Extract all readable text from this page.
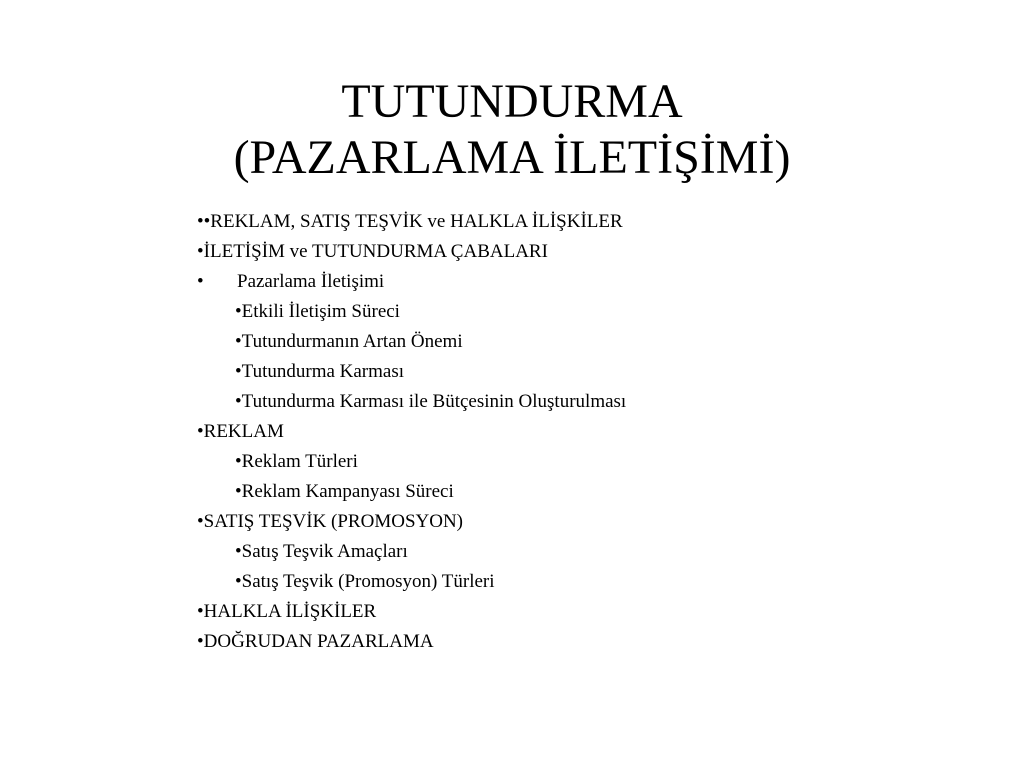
TUTUNDURMA
(PAZARLAMA İLETİŞİMİ)
••REKLAM, SATIŞ TEŞVİK ve HALKLA İLİŞKİLER
•İLETİŞİM ve TUTUNDURMA ÇABALARI
• Pazarlama İletişimi
•Etkili İletişim Süreci
•Tutundurmanın Artan Önemi
•Tutundurma Karması
•Tutundurma Karması ile Bütçesinin Oluşturulması
•REKLAM
•Reklam Türleri
•Reklam Kampanyası Süreci
•SATIŞ TEŞVİK (PROMOSYON)
•Satış Teşvik Amaçları
•Satış Teşvik (Promosyon) Türleri
•HALKLA İLİŞKİLER
•DOĞRUDAN PAZARLAMA
